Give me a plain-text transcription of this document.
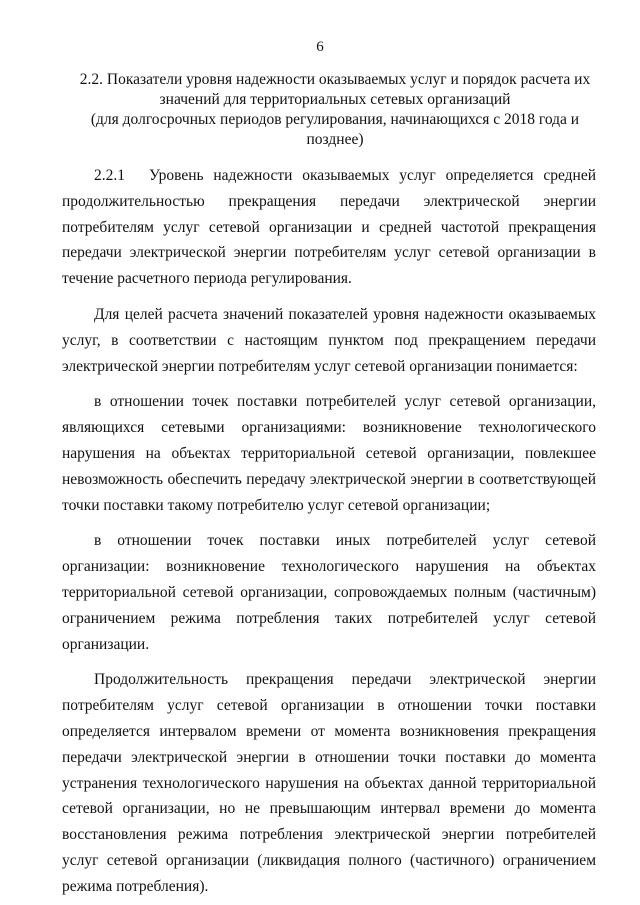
6
2.2. Показатели уровня надежности оказываемых услуг и порядок расчета их
значений для территориальных сетевых организаций
(для долгосрочных периодов регулирования, начинающихся с 2018 года и
позднее)

2.2.1 Уровень надежности оказываемых услуг определяется средней продолжительностью прекращения передачи электрической энергии потребителям услуг сетевой организации и средней частотой прекращения передачи электрической энергии потребителям услуг сетевой организации в течение расчетного периода регулирования.

Для целей расчета значений показателей уровня надежности оказываемых услуг, в соответствии с настоящим пунктом под прекращением передачи электрической энергии потребителям услуг сетевой организации понимается:

в отношении точек поставки потребителей услуг сетевой организации, являющихся сетевыми организациями: возникновение технологического нарушения на объектах территориальной сетевой организации, повлекшее невозможность обеспечить передачу электрической энергии в соответствующей точки поставки такому потребителю услуг сетевой организации;

в отношении точек поставки иных потребителей услуг сетевой организации: возникновение технологического нарушения на объектах территориальной сетевой организации, сопровождаемых полным (частичным) ограничением режима потребления таких потребителей услуг сетевой организации.

Продолжительность прекращения передачи электрической энергии потребителям услуг сетевой организации в отношении точки поставки определяется интервалом времени от момента возникновения прекращения передачи электрической энергии в отношении точки поставки до момента устранения технологического нарушения на объектах данной территориальной сетевой организации, но не превышающим интервал времени до момента восстановления режима потребления электрической энергии потребителей услуг сетевой организации (ликвидация полного (частичного) ограничением режима потребления).
